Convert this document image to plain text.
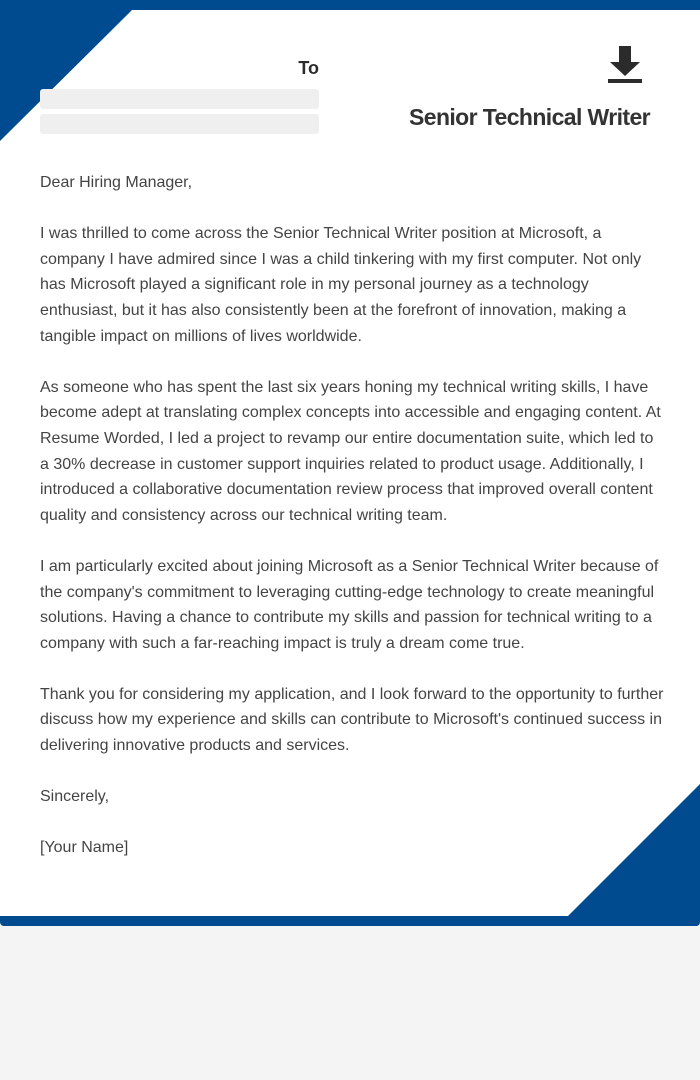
To
Senior Technical Writer

Dear Hiring Manager,

I was thrilled to come across the Senior Technical Writer position at Microsoft, a company I have admired since I was a child tinkering with my first computer. Not only has Microsoft played a significant role in my personal journey as a technology enthusiast, but it has also consistently been at the forefront of innovation, making a tangible impact on millions of lives worldwide.

As someone who has spent the last six years honing my technical writing skills, I have become adept at translating complex concepts into accessible and engaging content. At Resume Worded, I led a project to revamp our entire documentation suite, which led to a 30% decrease in customer support inquiries related to product usage. Additionally, I introduced a collaborative documentation review process that improved overall content quality and consistency across our technical writing team.

I am particularly excited about joining Microsoft as a Senior Technical Writer because of the company's commitment to leveraging cutting-edge technology to create meaningful solutions. Having a chance to contribute my skills and passion for technical writing to a company with such a far-reaching impact is truly a dream come true.

Thank you for considering my application, and I look forward to the opportunity to further discuss how my experience and skills can contribute to Microsoft's continued success in delivering innovative products and services.

Sincerely,

[Your Name]
